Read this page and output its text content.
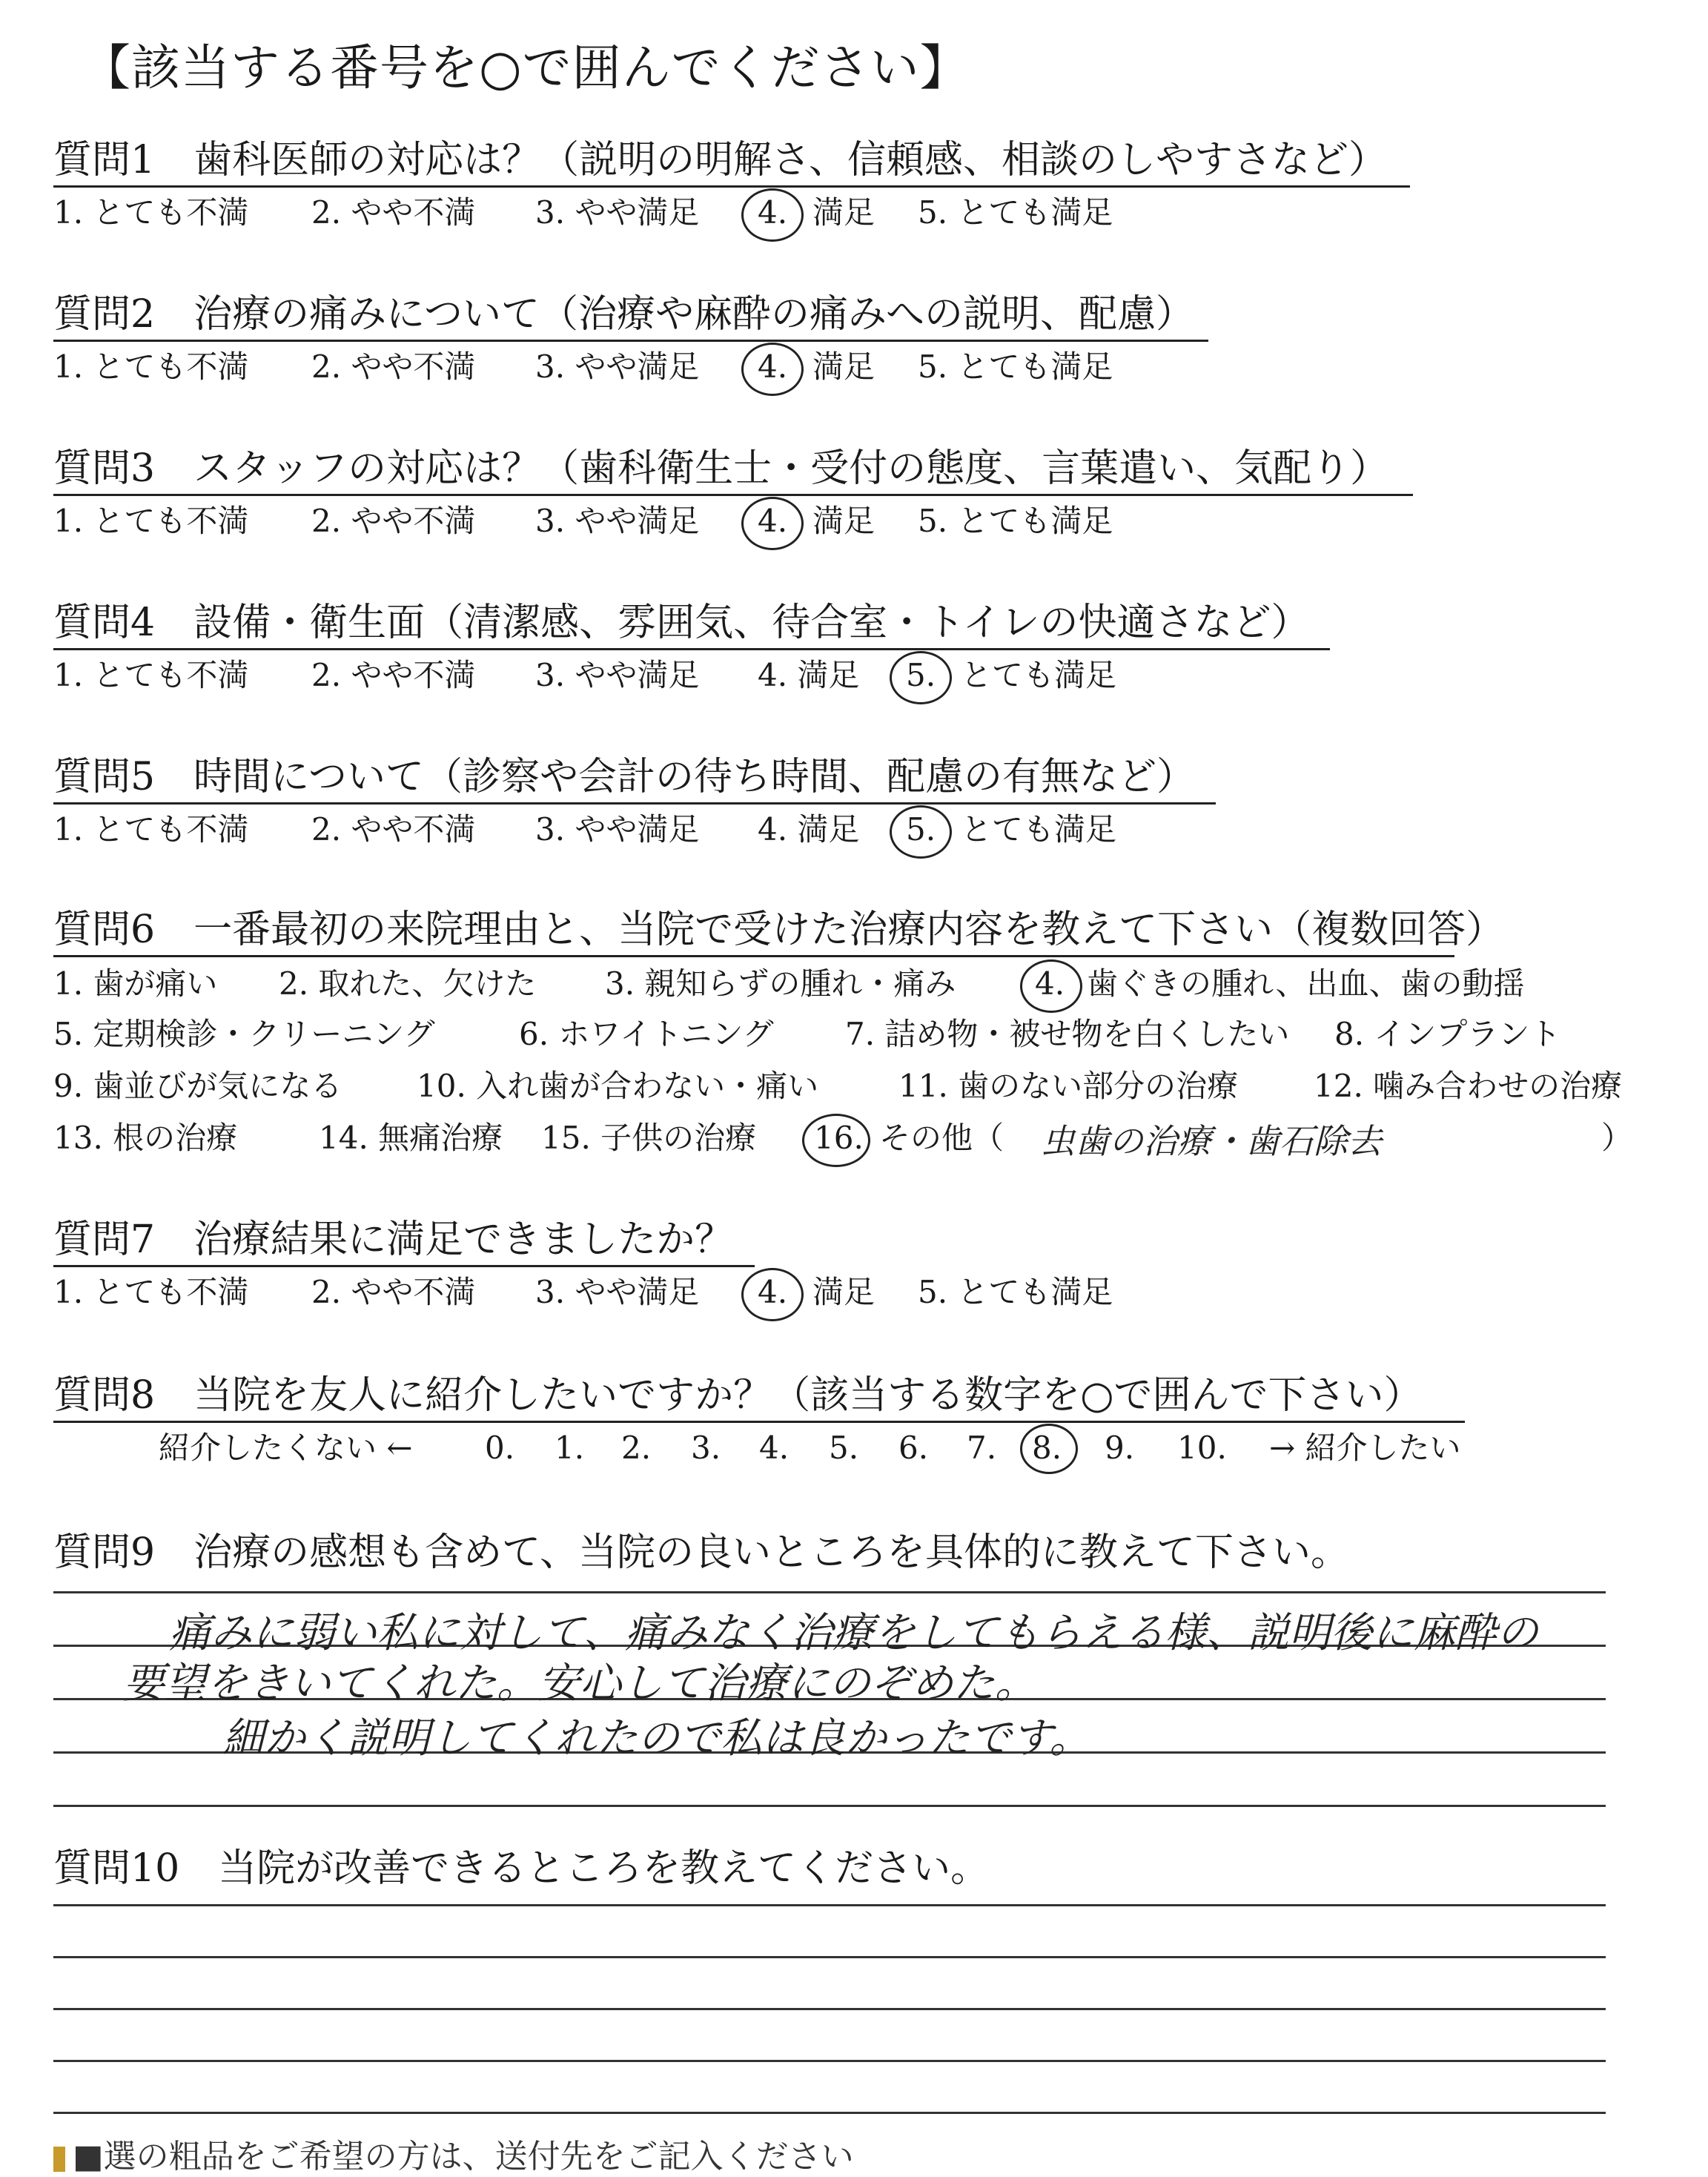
【該当する番号を○で囲んでください】
質問1　歯科医師の対応は？（説明の明解さ、信頼感、相談のしやすさなど）
1. とても不満 2. やや不満 3. やや満足 4. 満足 5. とても満足
質問2　治療の痛みについて（治療や麻酔の痛みへの説明、配慮）
1. とても不満 2. やや不満 3. やや満足 4. 満足 5. とても満足
質問3　スタッフの対応は？（歯科衛生士・受付の態度、言葉遣い、気配り）
1. とても不満 2. やや不満 3. やや満足 4. 満足 5. とても満足
質問4　設備・衛生面（清潔感、雰囲気、待合室・トイレの快適さなど）
1. とても不満 2. やや不満 3. やや満足 4. 満足 5. とても満足
質問5　時間について（診察や会計の待ち時間、配慮の有無など）
1. とても不満 2. やや不満 3. やや満足 4. 満足 5. とても満足
質問6　一番最初の来院理由と、当院で受けた治療内容を教えて下さい（複数回答）
1. 歯が痛い 2. 取れた、欠けた 3. 親知らずの腫れ・痛み	4. 歯ぐきの腫れ、出血、歯の動揺
5. 定期検診・クリーニング	6. ホワイトニング 7. 詰め物・被せ物を白くしたい 8. インプラント
9. 歯並びが気になる 10. 入れ歯が合わない・痛い	11. 歯のない部分の治療 12. 噛み合わせの治療
13. 根の治療	14. 無痛治療 15. 子供の治療 16. その他（ 虫歯の治療・歯石除去	）
質問7　治療結果に満足できましたか？
1. とても不満 2. やや不満 3. やや満足 4. 満足 5. とても満足
質問8　当院を友人に紹介したいですか？（該当する数字を○で囲んで下さい）
紹介したくない ← 0. 1. 2. 3. 4. 5. 6. 7. 8. 9. 10. → 紹介したい
質問9　治療の感想も含めて、当院の良いところを具体的に教えて下さい。
痛みに弱い私に対して、痛みなく治療をしてもらえる様、説明後に麻酔の
要望をきいてくれた。安心して治療にのぞめた。
細かく説明してくれたので私は良かったです。
質問10　当院が改善できるところを教えてください。
■選の粗品をご希望の方は、送付先をご記入ください
